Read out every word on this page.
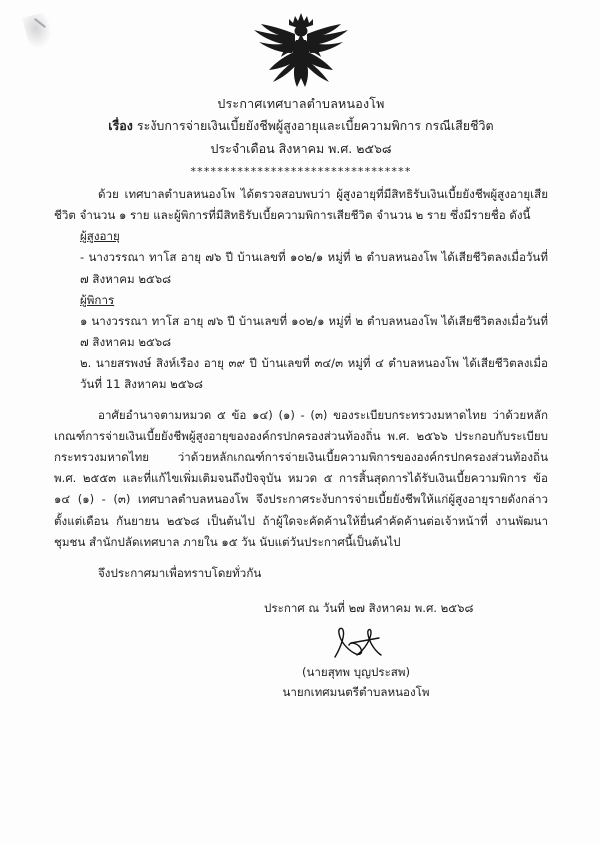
ประกาศเทศบาลตำบลหนองโพ
เรื่อง ระงับการจ่ายเงินเบี้ยยังชีพผู้สูงอายุและเบี้ยความพิการ กรณีเสียชีวิต
ประจำเดือน สิงหาคม พ.ศ. ๒๕๖๘
*********************************
ด้วย เทศบาลตำบลหนองโพ ได้ตรวจสอบพบว่า ผู้สูงอายุที่มีสิทธิรับเงินเบี้ยยังชีพผู้สูงอายุเสียชีวิต จำนวน ๑ ราย และผู้พิการที่มีสิทธิรับเบี้ยความพิการเสียชีวิต จำนวน ๒ ราย ซึ่งมีรายชื่อ ดังนี้
ผู้สูงอายุ
- นางวรรณา ทาโส อายุ ๗๖ ปี บ้านเลขที่ ๑๐๒/๑ หมู่ที่ ๒ ตำบลหนองโพ ได้เสียชีวิตลงเมื่อวันที่ ๗ สิงหาคม ๒๕๖๘
ผู้พิการ
๑ นางวรรณา ทาโส อายุ ๗๖ ปี บ้านเลขที่ ๑๐๒/๑ หมู่ที่ ๒ ตำบลหนองโพ ได้เสียชีวิตลงเมื่อวันที่ ๗ สิงหาคม ๒๕๖๘
๒. นายสรพงษ์ สิงห์เรือง อายุ ๓๙ ปี บ้านเลขที่ ๓๔/๓ หมู่ที่ ๔ ตำบลหนองโพ ได้เสียชีวิตลงเมื่อวันที่ 11 สิงหาคม ๒๕๖๘
อาศัยอำนาจตามหมวด ๕ ข้อ ๑๔) (๑) - (๓) ของระเบียบกระทรวงมหาดไทย ว่าด้วยหลักเกณฑ์การจ่ายเงินเบี้ยยังชีพผู้สูงอายุขององค์กรปกครองส่วนท้องถิ่น พ.ศ. ๒๕๖๖ ประกอบกับระเบียบกระทรวงมหาดไทย ว่าด้วยหลักเกณฑ์การจ่ายเงินเบี้ยความพิการขององค์กรปกครองส่วนท้องถิ่น พ.ศ. ๒๕๕๓ และที่แก้ไขเพิ่มเติมจนถึงปัจจุบัน หมวด ๕ การสิ้นสุดการได้รับเงินเบี้ยความพิการ ข้อ ๑๔ (๑) - (๓) เทศบาลตำบลหนองโพ จึงประกาศระงับการจ่ายเบี้ยยังชีพให้แก่ผู้สูงอายุรายดังกล่าว ตั้งแต่เดือน กันยายน ๒๕๖๘ เป็นต้นไป ถ้าผู้ใดจะคัดค้านให้ยื่นคำคัดค้านต่อเจ้าหน้าที่ งานพัฒนาชุมชน สำนักปลัดเทศบาล ภายใน ๑๕ วัน นับแต่วันประกาศนี้เป็นต้นไป
จึงประกาศมาเพื่อทราบโดยทั่วกัน
ประกาศ ณ วันที่ ๒๗ สิงหาคม พ.ศ. ๒๕๖๘
(นายสุทพ บุญประสพ)
นายกเทศมนตรีตำบลหนองโพ
